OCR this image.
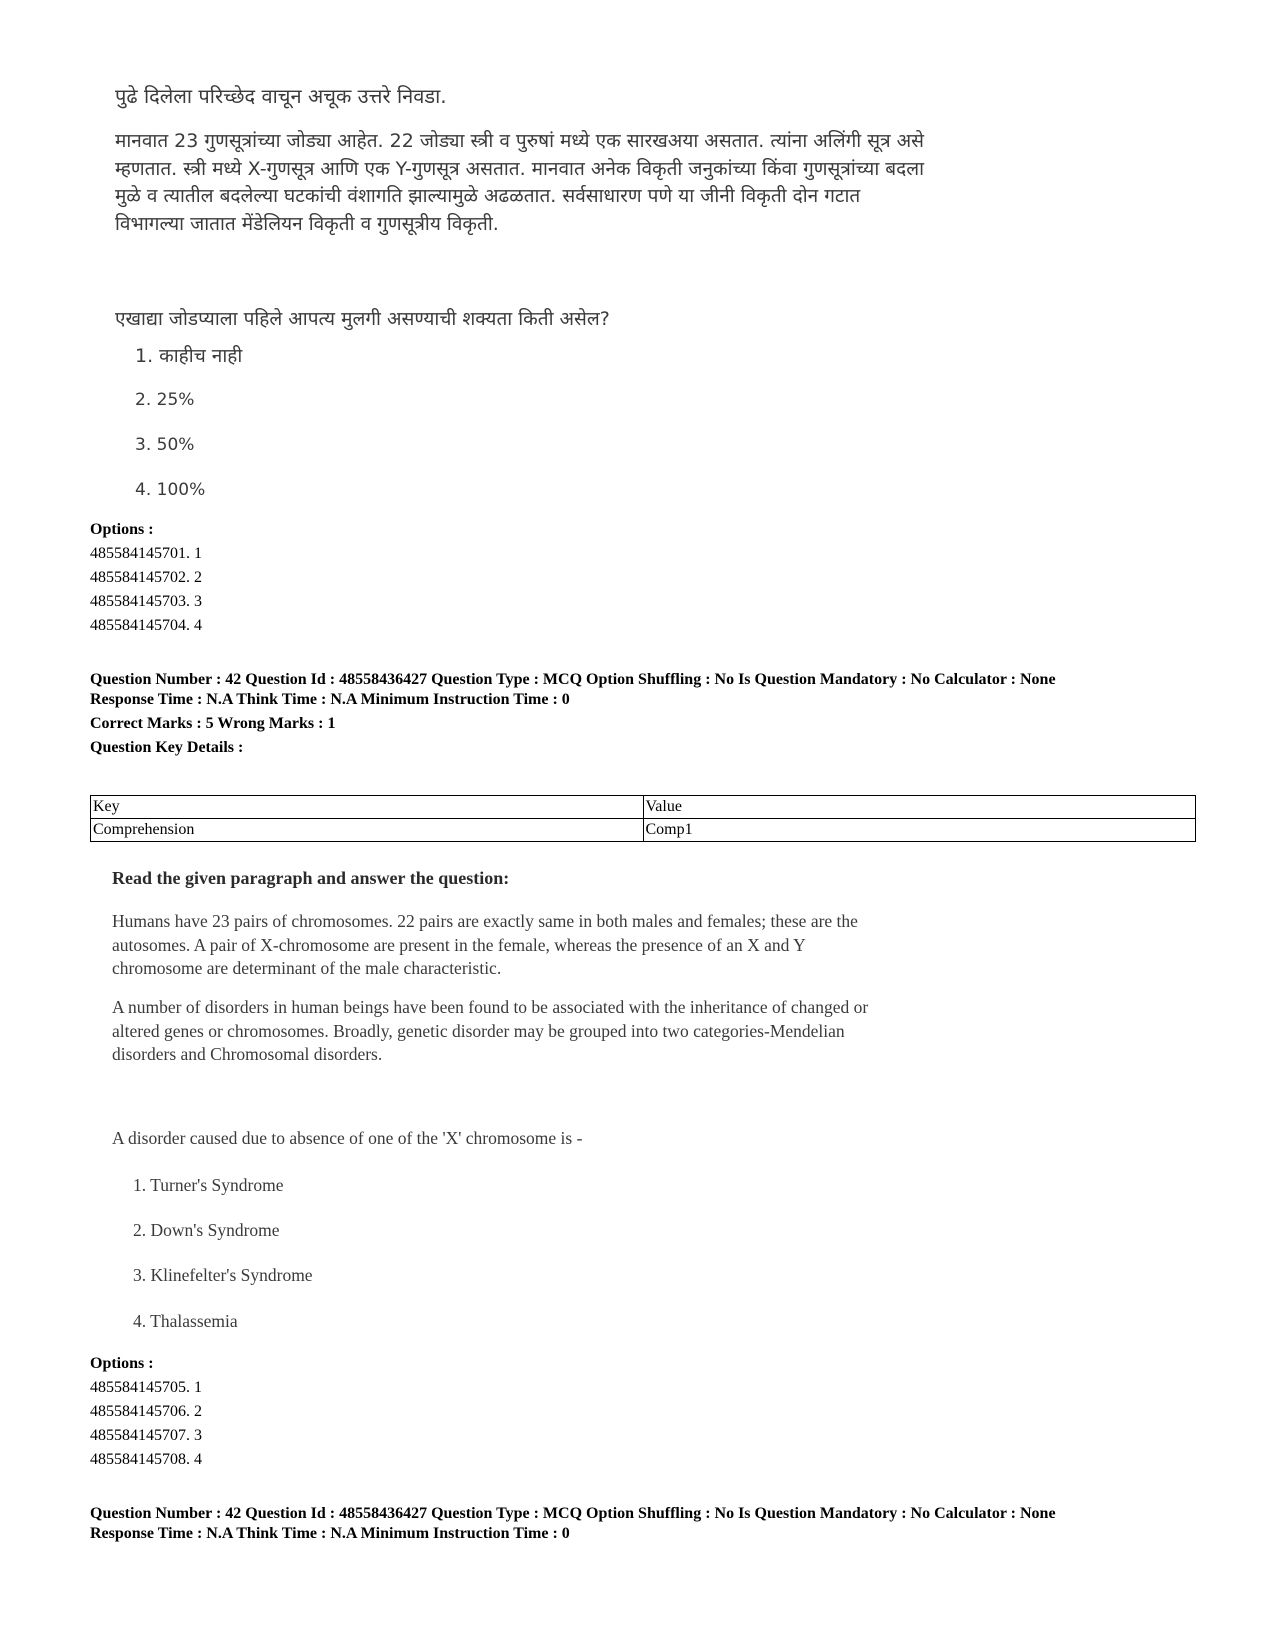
पुढे दिलेला परिच्छेद वाचून अचूक उत्तरे निवडा.
मानवात 23 गुणसूत्रांच्या जोड्या आहेत. 22 जोड्या स्त्री व पुरुषां मध्ये एक सारखअया असतात. त्यांना अलिंगी सूत्र असे
म्हणतात. स्त्री मध्ये X-गुणसूत्र आणि एक Y-गुणसूत्र असतात. मानवात अनेक विकृती जनुकांच्या किंवा गुणसूत्रांच्या बदला
मुळे व त्यातील बदलेल्या घटकांची वंशागति झाल्यामुळे अढळतात. सर्वसाधारण पणे या जीनी विकृती दोन गटात
विभागल्या जातात मेंडेलियन विकृती व गुणसूत्रीय विकृती.
एखाद्या जोडप्याला पहिले आपत्य मुलगी असण्याची शक्यता किती असेल?
1. काहीच नाही
2. 25%
3. 50%
4. 100%
Options :
485584145701. 1
485584145702. 2
485584145703. 3
485584145704. 4
Question Number : 42 Question Id : 48558436427 Question Type : MCQ Option Shuffling : No Is Question Mandatory : No Calculator : None
Response Time : N.A Think Time : N.A Minimum Instruction Time : 0
Correct Marks : 5 Wrong Marks : 1
Question Key Details :
Key	Value
Comprehension	Comp1
Read the given paragraph and answer the question:
Humans have 23 pairs of chromosomes. 22 pairs are exactly same in both males and females; these are the
autosomes. A pair of X-chromosome are present in the female, whereas the presence of an X and Y
chromosome are determinant of the male characteristic.
A number of disorders in human beings have been found to be associated with the inheritance of changed or
altered genes or chromosomes. Broadly, genetic disorder may be grouped into two categories-Mendelian
disorders and Chromosomal disorders.
A disorder caused due to absence of one of the 'X' chromosome is -
1. Turner's Syndrome
2. Down's Syndrome
3. Klinefelter's Syndrome
4. Thalassemia
Options :
485584145705. 1
485584145706. 2
485584145707. 3
485584145708. 4
Question Number : 42 Question Id : 48558436427 Question Type : MCQ Option Shuffling : No Is Question Mandatory : No Calculator : None
Response Time : N.A Think Time : N.A Minimum Instruction Time : 0
